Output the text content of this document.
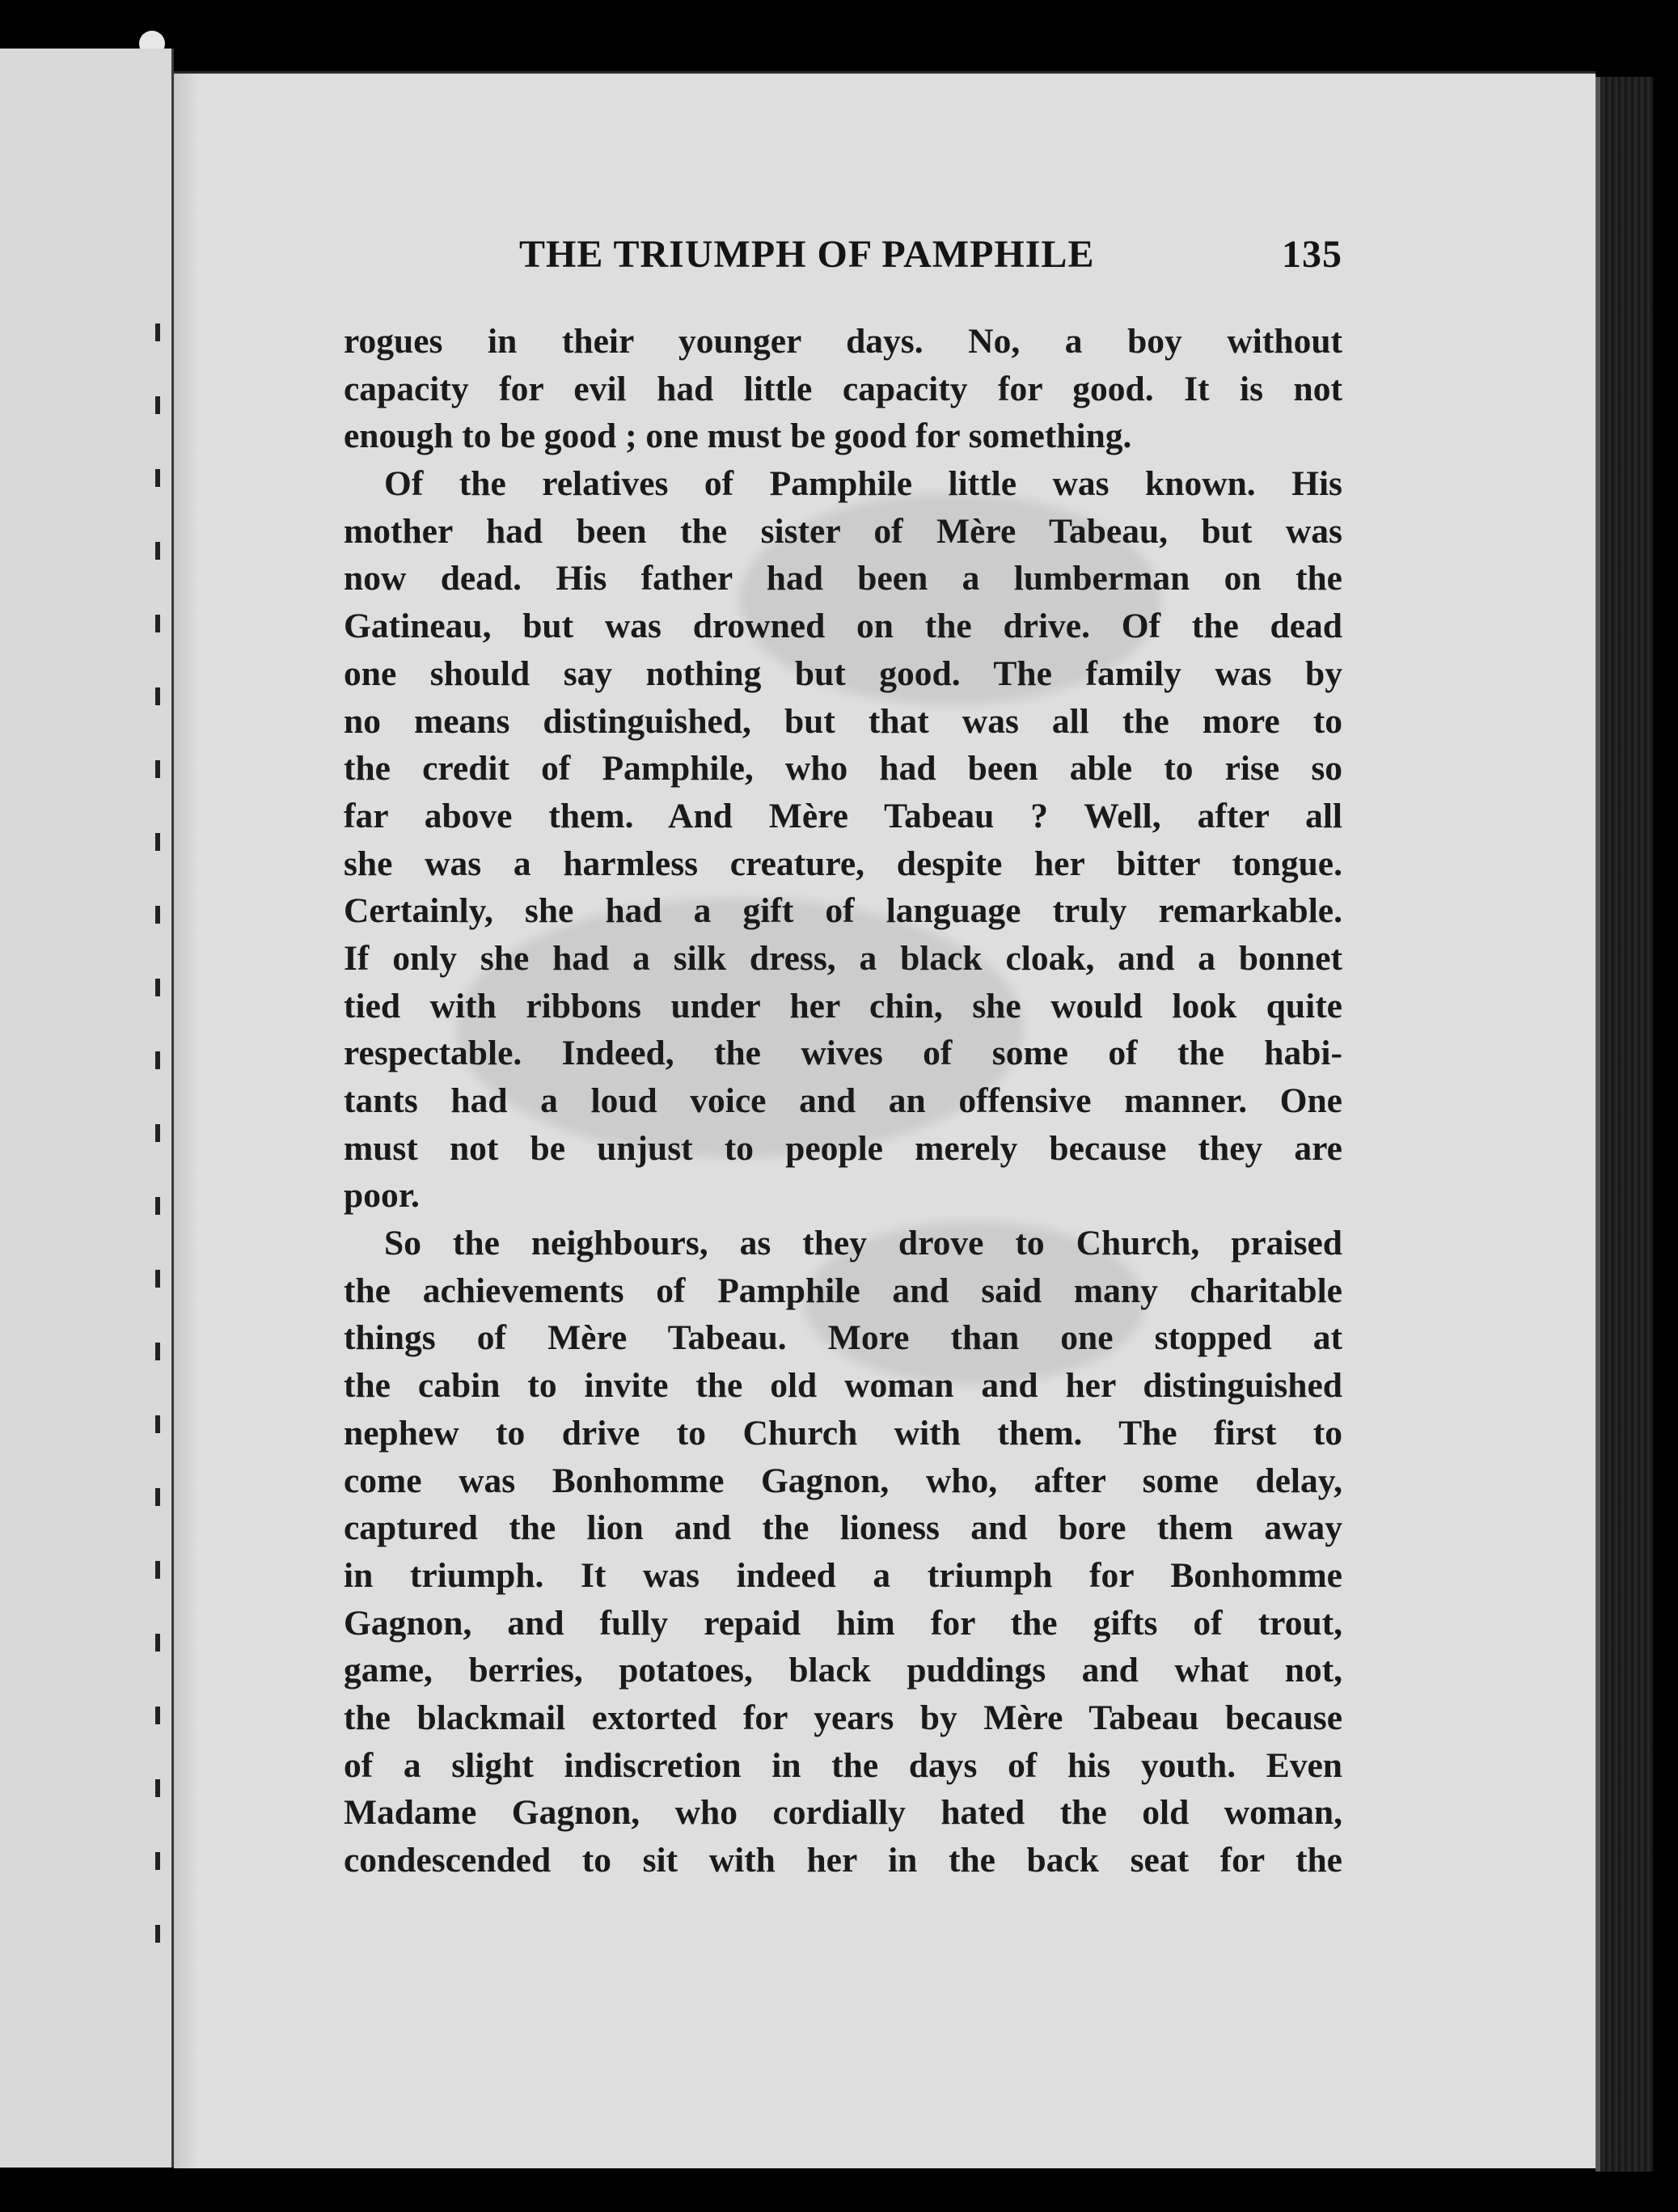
THE TRIUMPH OF PAMPHILE	135
rogues in their younger days. No, a boy without
capacity for evil had little capacity for good. It is not
enough to be good ; one must be good for something.
Of the relatives of Pamphile little was known. His
mother had been the sister of Mère Tabeau, but was
now dead. His father had been a lumberman on the
Gatineau, but was drowned on the drive. Of the dead
one should say nothing but good. The family was by
no means distinguished, but that was all the more to
the credit of Pamphile, who had been able to rise so
far above them. And Mère Tabeau ? Well, after all
she was a harmless creature, despite her bitter tongue.
Certainly, she had a gift of language truly remarkable.
If only she had a silk dress, a black cloak, and a bonnet
tied with ribbons under her chin, she would look quite
respectable. Indeed, the wives of some of the habi-
tants had a loud voice and an offensive manner. One
must not be unjust to people merely because they are
poor.
So the neighbours, as they drove to Church, praised
the achievements of Pamphile and said many charitable
things of Mère Tabeau. More than one stopped at
the cabin to invite the old woman and her distinguished
nephew to drive to Church with them. The first to
come was Bonhomme Gagnon, who, after some delay,
captured the lion and the lioness and bore them away
in triumph. It was indeed a triumph for Bonhomme
Gagnon, and fully repaid him for the gifts of trout,
game, berries, potatoes, black puddings and what not,
the blackmail extorted for years by Mère Tabeau because
of a slight indiscretion in the days of his youth. Even
Madame Gagnon, who cordially hated the old woman,
condescended to sit with her in the back seat for the
